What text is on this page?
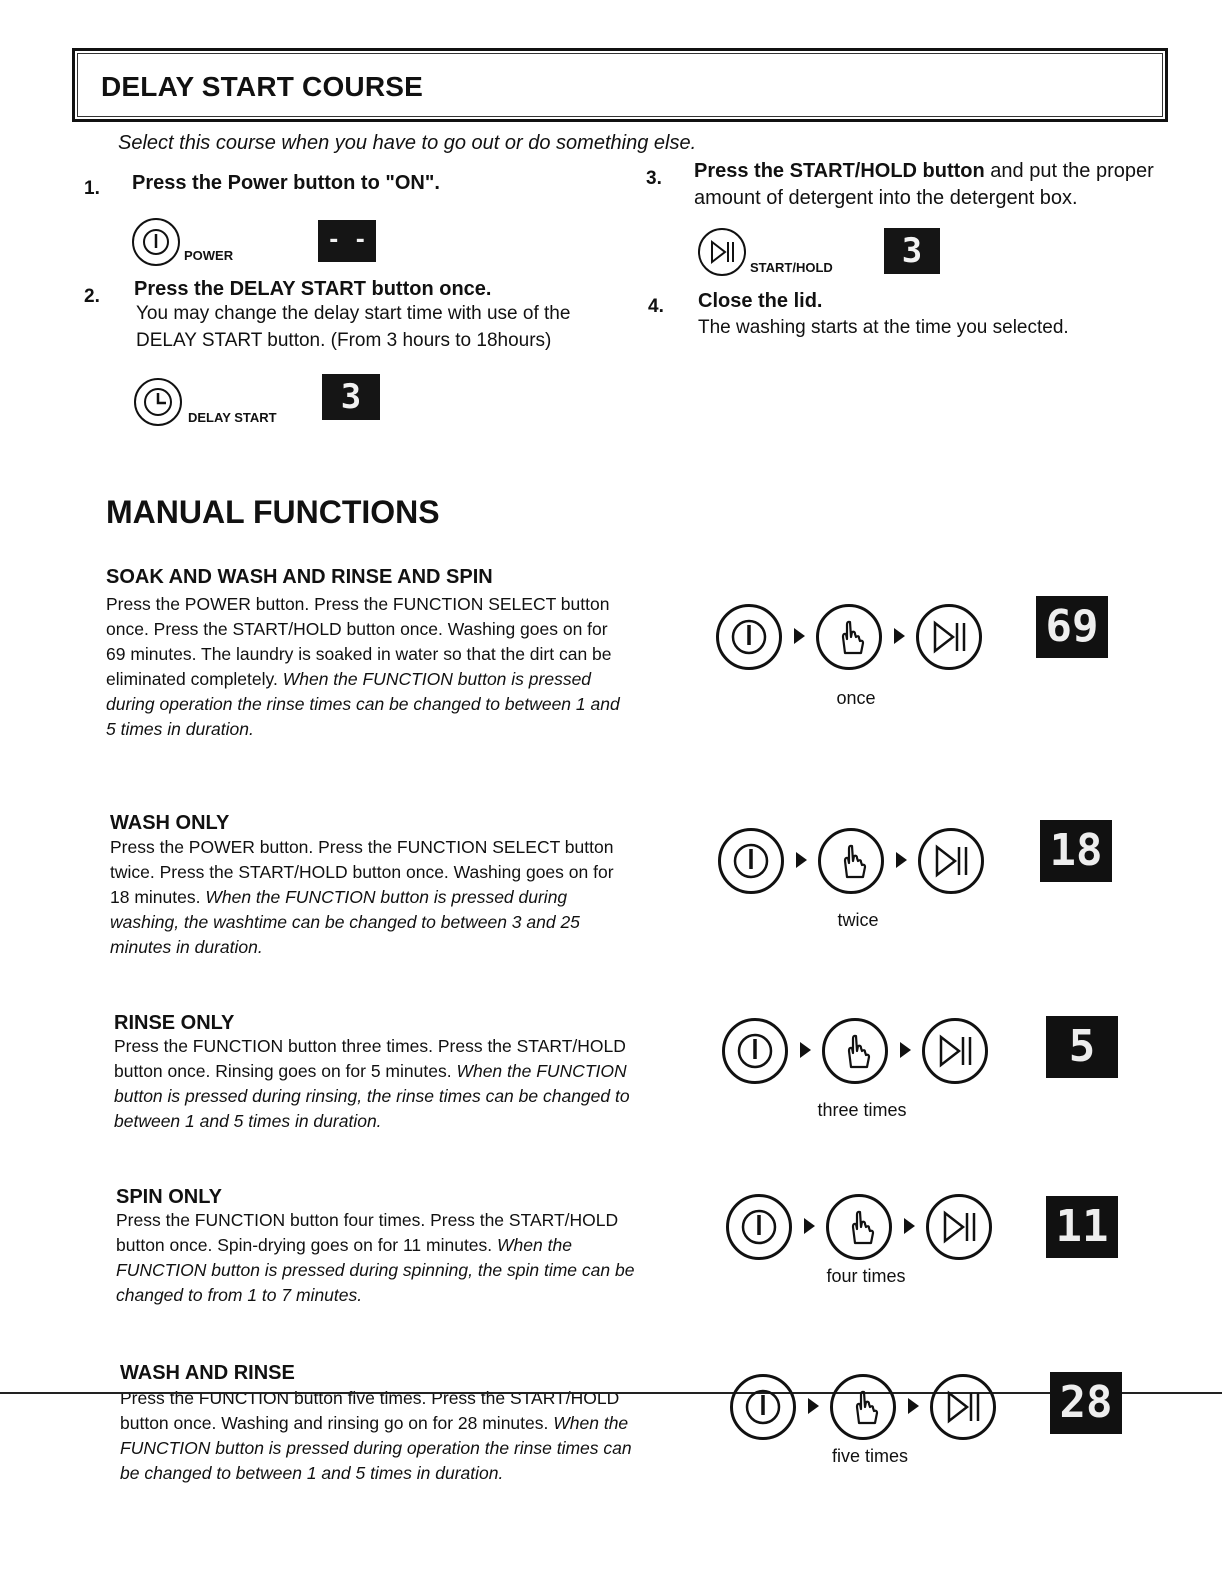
DELAY START COURSE
Select this course when you have to go out or do something else.
1. Press the Power button to "ON".
POWER
- -
2. Press the DELAY START button once.
You may change the delay start time with use of the DELAY START button. (From 3 hours to 18hours)
DELAY START
3
3. Press the START/HOLD button and put the proper amount of detergent into the detergent box.
START/HOLD	3
4. Close the lid.
The washing starts at the time you selected.
MANUAL FUNCTIONS
SOAK AND WASH AND RINSE AND SPIN
Press the POWER button. Press the FUNCTION SELECT button once. Press the START/HOLD button once. Washing goes on for 69 minutes. The laundry is soaked in water so that the dirt can be eliminated completely. When the FUNCTION button is pressed during operation the rinse times can be changed to between 1 and 5 times in duration.
WASH ONLY
Press the POWER button. Press the FUNCTION SELECT button twice. Press the START/HOLD button once. Washing goes on for 18 minutes. When the FUNCTION button is pressed during washing, the washtime can be changed to between 3 and 25 minutes in duration.
RINSE ONLY
Press the FUNCTION button three times. Press the START/HOLD button once. Rinsing goes on for 5 minutes. When the FUNCTION button is pressed during rinsing, the rinse times can be changed to between 1 and 5 times in duration.
SPIN ONLY
Press the FUNCTION button four times. Press the START/HOLD button once. Spin-drying goes on for 11 minutes. When the FUNCTION button is pressed during spinning, the spin time can be changed to from 1 to 7 minutes.
WASH AND RINSE
Press the FUNCTION button five times. Press the START/HOLD button once. Washing and rinsing go on for 28 minutes. When the FUNCTION button is pressed during operation the rinse times can be changed to between 1 and 5 times in duration.
once
69
twice
18
three times
5
four times
11
five times
28
